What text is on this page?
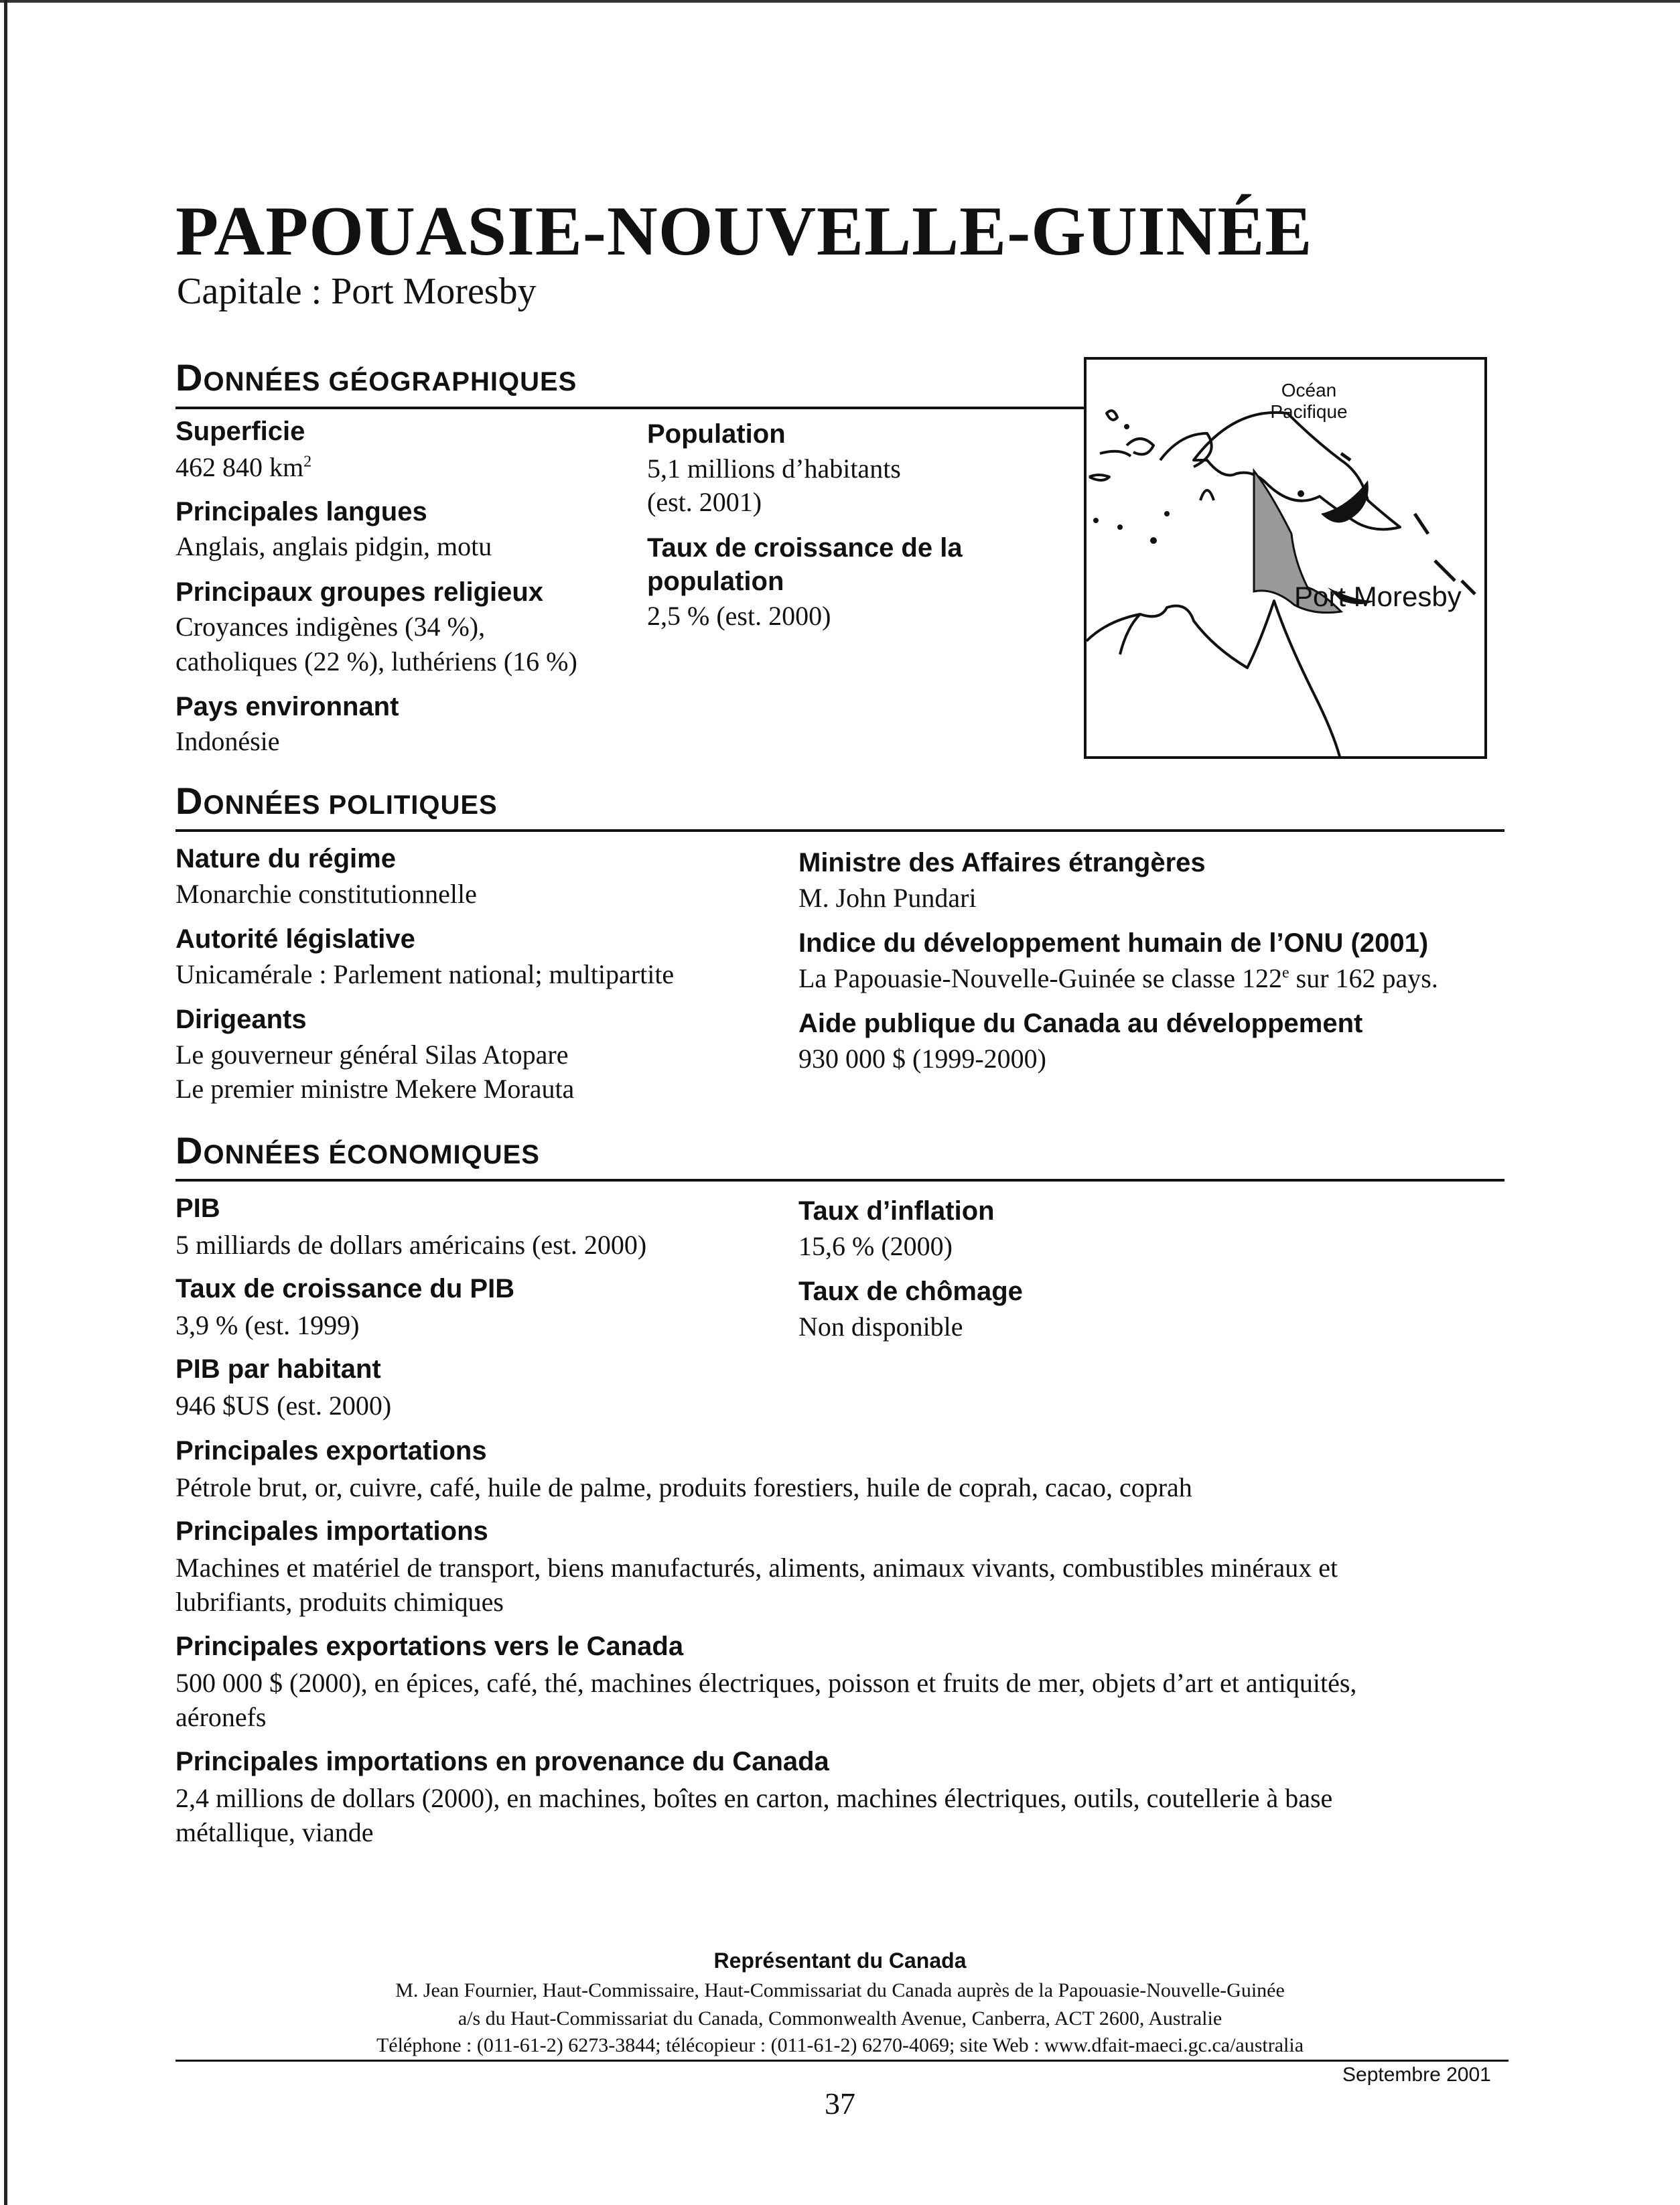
PAPOUASIE-NOUVELLE-GUINÉE
Capitale : Port Moresby
DONNÉES GÉOGRAPHIQUES
Superficie
462 840 $km^2$
Principales langues
Anglais, anglais pidgin, motu
Principaux groupes religieux
Croyances indigènes (34 %),
catholiques (22 %), luthériens (16 %)
Pays environnant
Indonésie
Population
5,1 millions d’habitants
(est. 2001)
Taux de croissance de la
population
2,5 % (est. 2000)
Océan
Pacifique
Port Moresby
DONNÉES POLITIQUES
Nature du régime
Monarchie constitutionnelle
Autorité législative
Unicamérale : Parlement national; multipartite
Dirigeants
Le gouverneur général Silas Atopare
Le premier ministre Mekere Morauta
Ministre des Affaires étrangères
M. John Pundari
Indice du développement humain de l’ONU (2001)
La Papouasie-Nouvelle-Guinée se classe 122e sur 162 pays.
Aide publique du Canada au développement
930 000 $ (1999-2000)
DONNÉES ÉCONOMIQUES
PIB
5 milliards de dollars américains (est. 2000)
Taux de croissance du PIB
3,9 % (est. 1999)
PIB par habitant
946 $US (est. 2000)
Taux d’inflation
15,6 % (2000)
Taux de chômage
Non disponible
Principales exportations
Pétrole brut, or, cuivre, café, huile de palme, produits forestiers, huile de coprah, cacao, coprah
Principales importations
Machines et matériel de transport, biens manufacturés, aliments, animaux vivants, combustibles minéraux et
lubrifiants, produits chimiques
Principales exportations vers le Canada
500 000 $ (2000), en épices, café, thé, machines électriques, poisson et fruits de mer, objets d’art et antiquités,
aéronefs
Principales importations en provenance du Canada
2,4 millions de dollars (2000), en machines, boîtes en carton, machines électriques, outils, coutellerie à base
métallique, viande
Représentant du Canada
M. Jean Fournier, Haut-Commissaire, Haut-Commissariat du Canada auprès de la Papouasie-Nouvelle-Guinée
a/s du Haut-Commissariat du Canada, Commonwealth Avenue, Canberra, ACT 2600, Australie
Téléphone : (011-61-2) 6273-3844; télécopieur : (011-61-2) 6270-4069; site Web : www.dfait-maeci.gc.ca/australia
Septembre 2001
37
